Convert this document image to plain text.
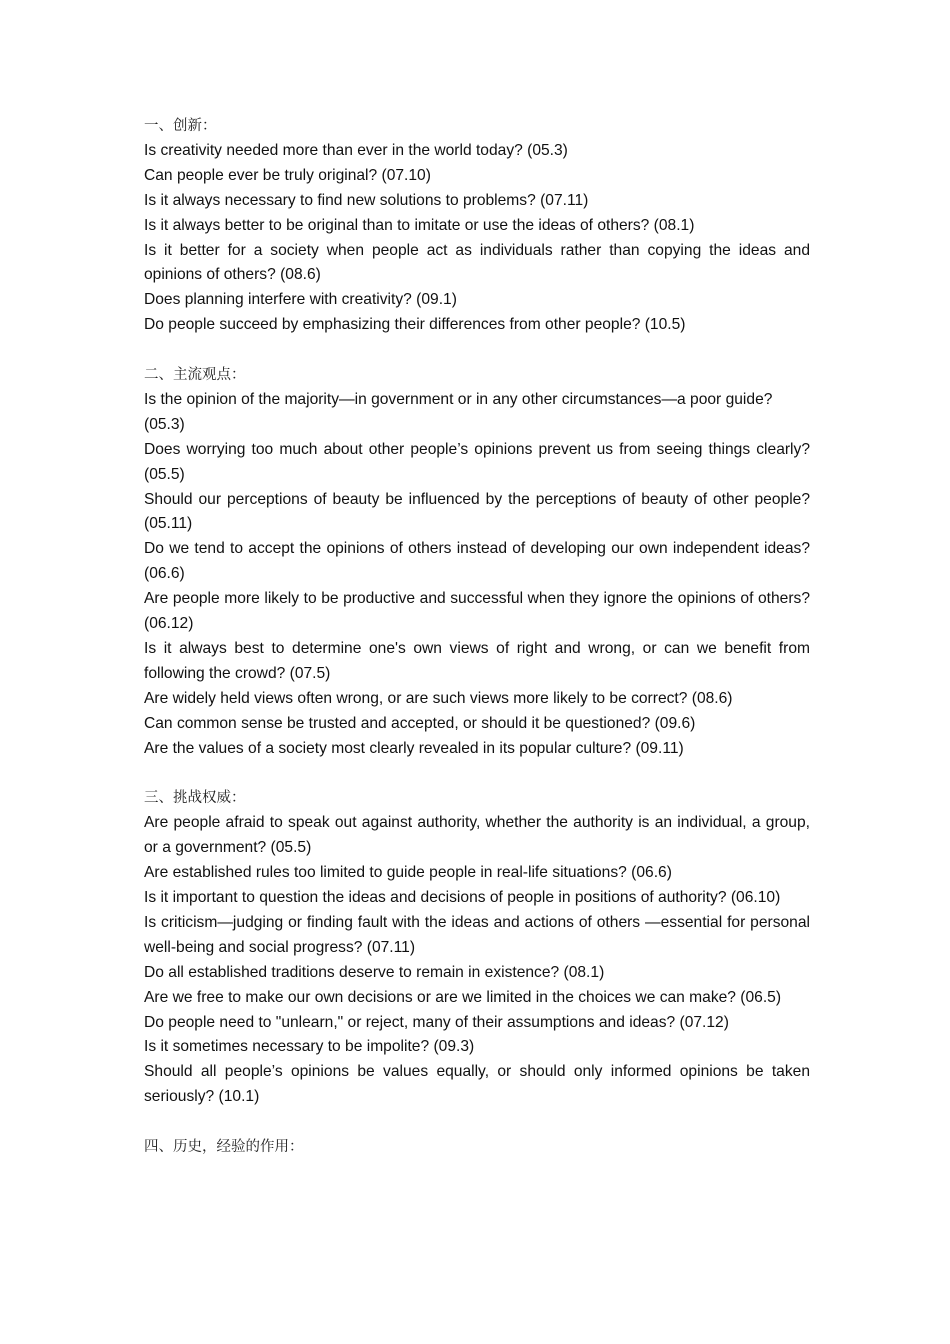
一、创新：

Is creativity needed more than ever in the world today? (05.3)

Can people ever be truly original? (07.10)

Is it always necessary to find new solutions to problems? (07.11)

Is it always better to be original than to imitate or use the ideas of others? (08.1)

Is it better for a society when people act as individuals rather than copying the ideas and opinions of others? (08.6)

Does planning interfere with creativity? (09.1)

Do people succeed by emphasizing their differences from other people? (10.5)

二、主流观点：

Is the opinion of the majority—in government or in any other circumstances—a poor guide? (05.3)

Does worrying too much about other people’s opinions prevent us from seeing things clearly? (05.5)

Should our perceptions of beauty be influenced by the perceptions of beauty of other people? (05.11)

Do we tend to accept the opinions of others instead of developing our own independent ideas? (06.6)

Are people more likely to be productive and successful when they ignore the opinions of others? (06.12)

Is it always best to determine one's own views of right and wrong, or can we benefit from following the crowd? (07.5)

Are widely held views often wrong, or are such views more likely to be correct? (08.6)

Can common sense be trusted and accepted, or should it be questioned? (09.6)

Are the values of a society most clearly revealed in its popular culture? (09.11)

三、挑战权威：

Are people afraid to speak out against authority, whether the authority is an individual, a group, or a government? (05.5)

Are established rules too limited to guide people in real-life situations? (06.6)

Is it important to question the ideas and decisions of people in positions of authority? (06.10)

Is criticism—judging or finding fault with the ideas and actions of others —essential for personal well-being and social progress? (07.11)

Do all established traditions deserve to remain in existence? (08.1)

Are we free to make our own decisions or are we limited in the choices we can make? (06.5)

Do people need to "unlearn," or reject, many of their assumptions and ideas? (07.12)

Is it sometimes necessary to be impolite? (09.3)

Should all people’s opinions be values equally, or should only informed opinions be taken seriously? (10.1)

四、历史，经验的作用：
